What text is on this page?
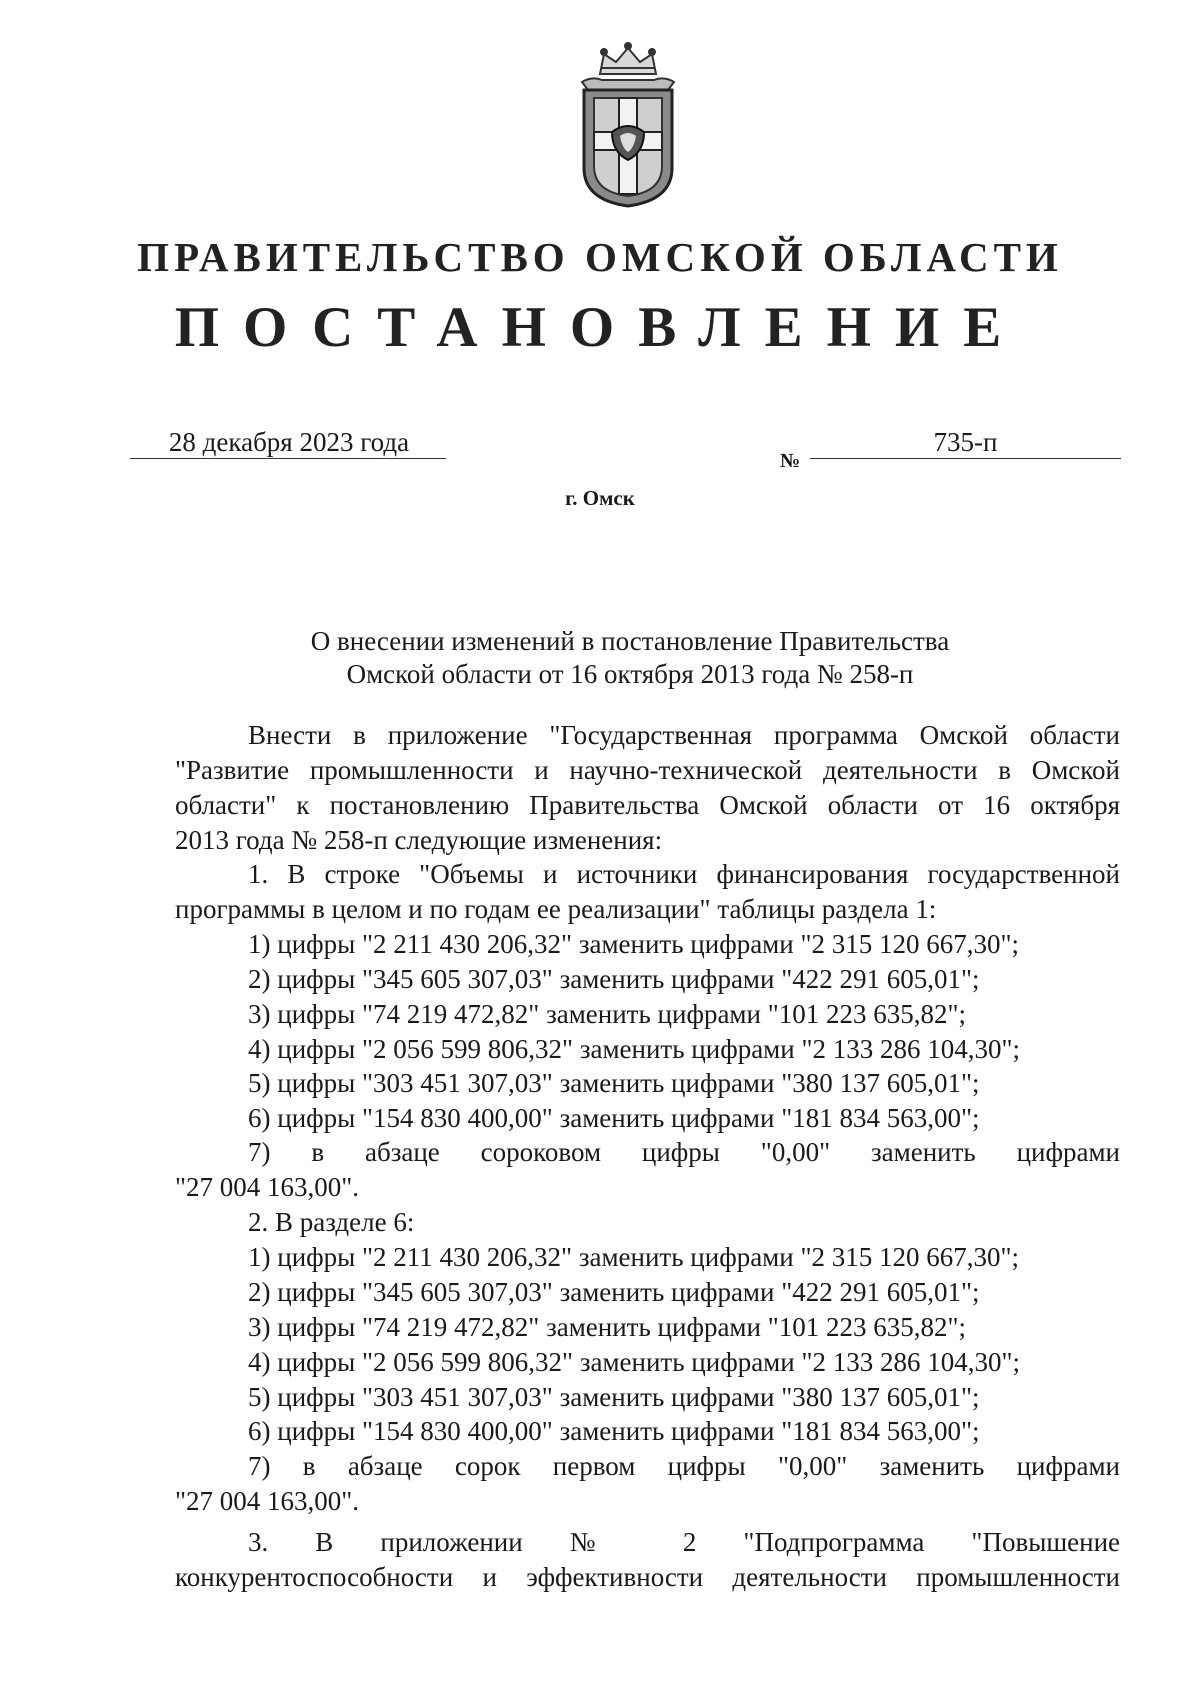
ПРАВИТЕЛЬСТВО ОМСКОЙ ОБЛАСТИ
ПОСТАНОВЛЕНИЕ
28 декабря 2023 года
№
735-п
г. Омск
О внесении изменений в постановление Правительства
Омской области от 16 октября 2013 года № 258-п
Внести в приложение "Государственная программа Омской области
"Развитие промышленности и научно-технической деятельности в Омской
области" к постановлению Правительства Омской области от 16 октября
2013 года № 258-п следующие изменения:
1. В строке "Объемы и источники финансирования государственной
программы в целом и по годам ее реализации" таблицы раздела 1:
1) цифры "2 211 430 206,32" заменить цифрами "2 315 120 667,30";
2) цифры "345 605 307,03" заменить цифрами "422 291 605,01";
3) цифры "74 219 472,82" заменить цифрами "101 223 635,82";
4) цифры "2 056 599 806,32" заменить цифрами "2 133 286 104,30";
5) цифры "303 451 307,03" заменить цифрами "380 137 605,01";
6) цифры "154 830 400,00" заменить цифрами "181 834 563,00";
7) в абзаце сороковом цифры "0,00" заменить цифрами
"27 004 163,00".
2. В разделе 6:
1) цифры "2 211 430 206,32" заменить цифрами "2 315 120 667,30";
2) цифры "345 605 307,03" заменить цифрами "422 291 605,01";
3) цифры "74 219 472,82" заменить цифрами "101 223 635,82";
4) цифры "2 056 599 806,32" заменить цифрами "2 133 286 104,30";
5) цифры "303 451 307,03" заменить цифрами "380 137 605,01";
6) цифры "154 830 400,00" заменить цифрами "181 834 563,00";
7) в абзаце сорок первом цифры "0,00" заменить цифрами
"27 004 163,00".
3. В приложении № 2 "Подпрограмма "Повышение
конкурентоспособности и эффективности деятельности промышленности
